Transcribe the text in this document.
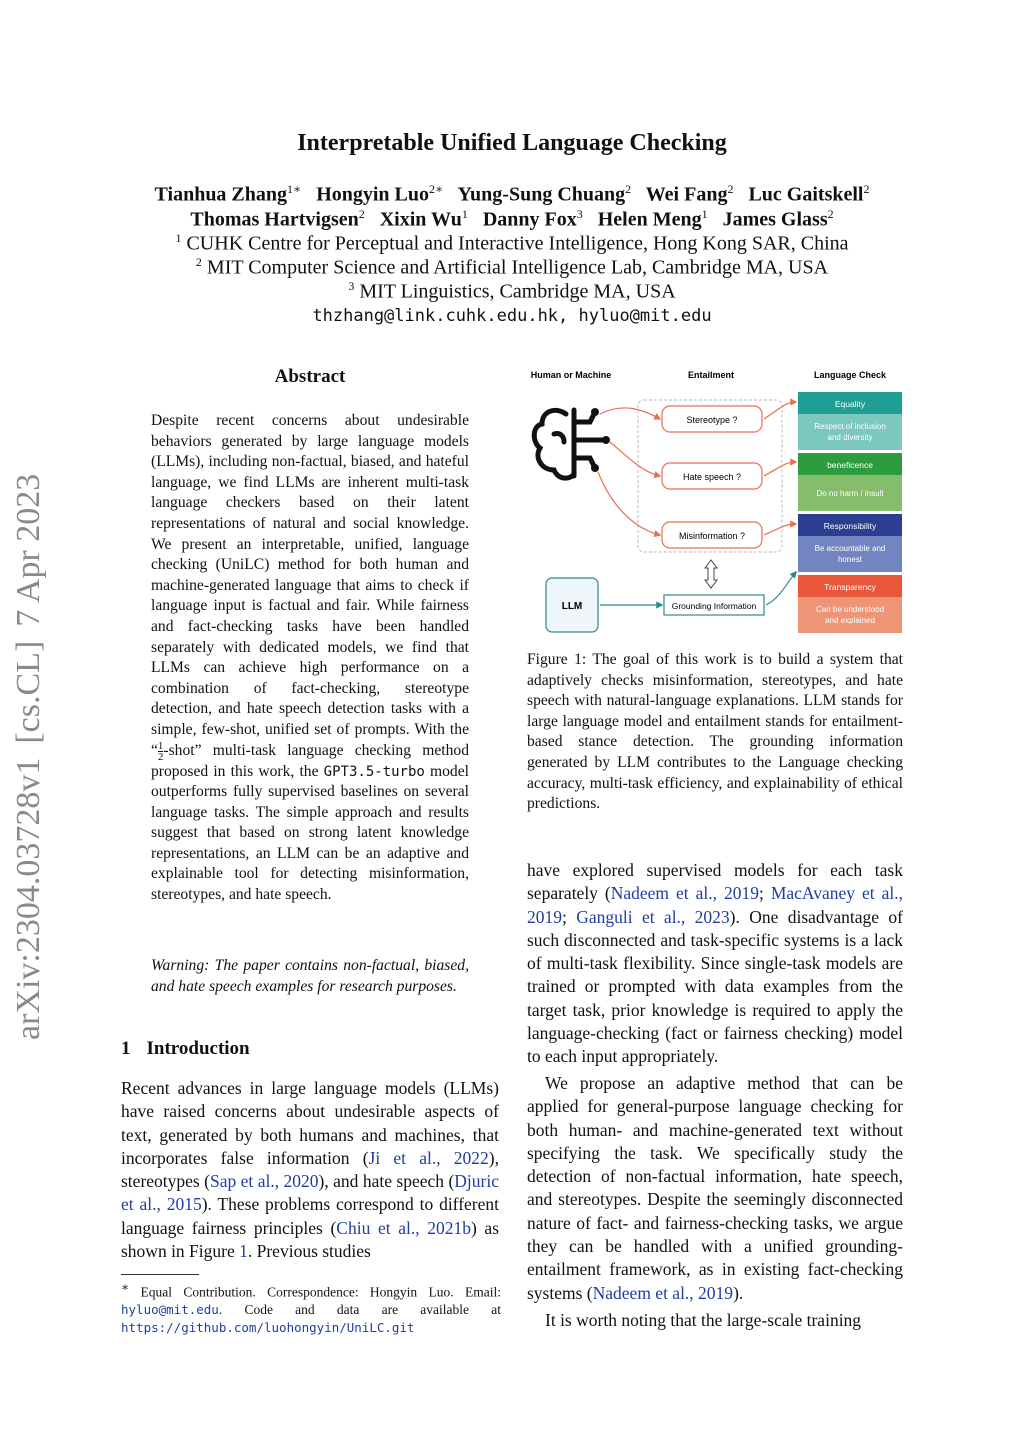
Interpretable Unified Language Checking
Tianhua Zhang$^{1∗}$ Hongyin Luo$^{2∗}$ Yung-Sung Chuang$^2$ Wei Fang$^2$ Luc Gaitskell$^2$
Thomas Hartvigsen$^2$ Xixin Wu$^1$ Danny Fox$^3$ Helen Meng$^1$ James Glass$^2$
$^1$ CUHK Centre for Perceptual and Interactive Intelligence, Hong Kong SAR, China
$^2$ MIT Computer Science and Artificial Intelligence Lab, Cambridge MA, USA
$^3$ MIT Linguistics, Cambridge MA, USA
thzhang@link.cuhk.edu.hk, hyluo@mit.edu
arXiv:2304.03728v1[cs.CL]7 Apr 2023
Abstract
Despite recent concerns about undesirable behaviors generated by large language models (LLMs), including non-factual, biased, and hateful language, we find LLMs are inherent multi-task language checkers based on their latent representations of natural and social knowledge. We present an interpretable, unified, language checking (UniLC) method for both human and machine-generated language that aims to check if language input is factual and fair. While fairness and fact-checking tasks have been handled separately with dedicated models, we find that LLMs can achieve high performance on a combination of fact-checking, stereotype detection, and hate speech detection tasks with a simple, few-shot, unified set of prompts. With the “ $\frac{1}{2}$ -shot” multi-task language checking method proposed in this work, the GPT3.5-turbo model outperforms fully supervised baselines on several language tasks. The simple approach and results suggest that based on strong latent knowledge representations, an LLM can be an adaptive and explainable tool for detecting misinformation, stereotypes, and hate speech.
Warning: The paper contains non-factual, biased, and hate speech examples for research purposes.
1 Introduction
Recent advances in large language models (LLMs) have raised concerns about undesirable aspects of text, generated by both humans and machines, that incorporates false information (Ji et al., 2022), stereotypes (Sap et al., 2020), and hate speech (Djuric et al., 2015). These problems correspond to different language fairness principles (Chiu et al., 2021b) as shown in Figure 1. Previous studies
∗ Equal Contribution. Correspondence: Hongyin Luo. Email: hyluo@mit.edu. Code and data are available at https://github.com/luohongyin/UniLC.git
Human or Machine	Entailment	Language Check
Stereotype ?
Hate speech ?
Misinformation ?
LLM	Grounding Information
Equality
Respect of inclusion
and diversity
beneficence
Do no harm / insult
Responsibility
Be accountable and
honest
Transparency
Can be understood
and explained
Figure 1: The goal of this work is to build a system that adaptively checks misinformation, stereotypes, and hate speech with natural-language explanations. LLM stands for large language model and entailment stands for entailment-based stance detection. The grounding information generated by LLM contributes to the Language checking accuracy, multi-task efficiency, and explainability of ethical predictions.
have explored supervised models for each task separately (Nadeem et al., 2019; MacAvaney et al., 2019; Ganguli et al., 2023). One disadvantage of such disconnected and task-specific systems is a lack of multi-task flexibility. Since single-task models are trained or prompted with data examples from the target task, prior knowledge is required to apply the language-checking (fact or fairness checking) model to each input appropriately.
We propose an adaptive method that can be applied for general-purpose language checking for both human- and machine-generated text without specifying the task. We specifically study the detection of non-factual information, hate speech, and stereotypes. Despite the seemingly disconnected nature of fact- and fairness-checking tasks, we argue they can be handled with a unified grounding-entailment framework, as in existing fact-checking systems (Nadeem et al., 2019).
It is worth noting that the large-scale training
